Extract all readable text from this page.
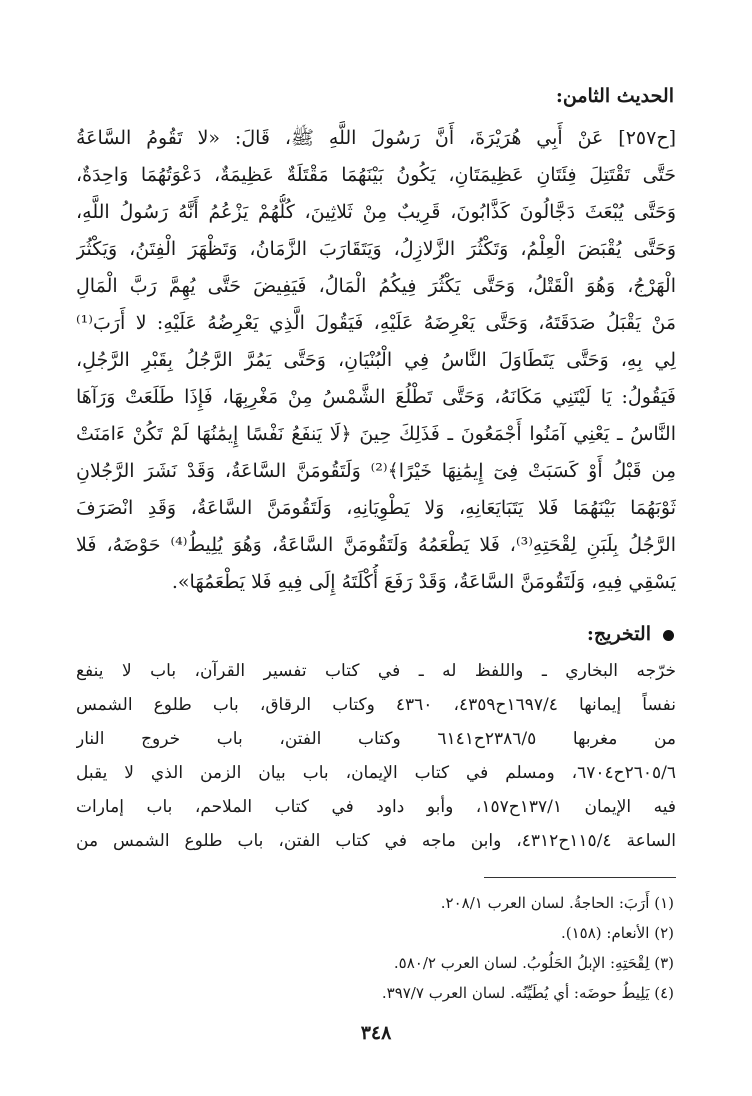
الحديث الثامن:
[ح٢٥٧] عَنْ أَبِي هُرَيْرَةَ، أَنَّ رَسُولَ اللَّهِ ﷺ، قَالَ: «لا تَقُومُ السَّاعَةُ
حَتَّى تَقْتَتِلَ فِئَتَانِ عَظِيمَتَانِ، يَكُونُ بَيْنَهُمَا مَقْتَلَةٌ عَظِيمَةٌ، دَعْوَتُهُمَا وَاحِدَةٌ،
وَحَتَّى يُبْعَثَ دَجَّالُونَ كَذَّابُونَ، قَرِيبٌ مِنْ ثَلاثِينَ، كُلُّهُمْ يَزْعُمُ أَنَّهُ رَسُولُ اللَّهِ،
وَحَتَّى يُقْبَضَ الْعِلْمُ، وَتَكْثُرَ الزَّلازِلُ، وَيَتَقَارَبَ الزَّمَانُ، وَتَظْهَرَ الْفِتَنُ، وَيَكْثُرَ
الْهَرْجُ، وَهُوَ الْقَتْلُ، وَحَتَّى يَكْثُرَ فِيكُمُ الْمَالُ، فَيَفِيضَ حَتَّى يُهِمَّ رَبَّ الْمَالِ
مَنْ يَقْبَلُ صَدَقَتَهُ، وَحَتَّى يَعْرِضَهُ عَلَيْهِ، فَيَقُولَ الَّذِي يَعْرِضُهُ عَلَيْهِ: لا أَرَبَ⁽¹⁾
لِي بِهِ، وَحَتَّى يَتَطَاوَلَ النَّاسُ فِي الْبُنْيَانِ، وَحَتَّى يَمُرَّ الرَّجُلُ بِقَبْرِ الرَّجُلِ،
فَيَقُولُ: يَا لَيْتَنِي مَكَانَهُ، وَحَتَّى تَطْلُعَ الشَّمْسُ مِنْ مَغْرِبِهَا، فَإِذَا طَلَعَتْ وَرَآهَا
النَّاسُ ـ يَعْنِي آمَنُوا أَجْمَعُونَ ـ فَذَلِكَ حِينَ ﴿لَا يَنفَعُ نَفْسًا إِيمَٰنُهَا لَمْ تَكُنْ ءَامَنَتْ
مِن قَبْلُ أَوْ كَسَبَتْ فِىٓ إِيمَٰنِهَا خَيْرًا﴾⁽²⁾ وَلَتَقُومَنَّ السَّاعَةُ، وَقَدْ نَشَرَ الرَّجُلانِ
ثَوْبَهُمَا بَيْنَهُمَا فَلا يَتَبَايَعَانِهِ، وَلا يَطْوِيَانِهِ، وَلَتَقُومَنَّ السَّاعَةُ، وَقَدِ انْصَرَفَ
الرَّجُلُ بِلَبَنِ لِقْحَتِهِ⁽³⁾، فَلا يَطْعَمُهُ وَلَتَقُومَنَّ السَّاعَةُ، وَهُوَ يُلِيطُ⁽⁴⁾ حَوْضَهُ، فَلا
يَسْقِي فِيهِ، وَلَتَقُومَنَّ السَّاعَةُ، وَقَدْ رَفَعَ أُكْلَتَهُ إِلَى فِيهِ فَلا يَطْعَمُهَا».
التخريج:
خرّجه البخاري ـ واللفظ له ـ في كتاب تفسير القرآن، باب لا ينفع
نفساً إيمانها ١٦٩٧/٤ح٤٣٥٩، ٤٣٦٠ وكتاب الرقاق، باب طلوع الشمس
من مغربها ٢٣٨٦/٥ح٦١٤١ وكتاب الفتن، باب خروج النار
٢٦٠٥/٦ح٦٧٠٤، ومسلم في كتاب الإيمان، باب بيان الزمن الذي لا يقبل
فيه الإيمان ١٣٧/١ح١٥٧، وأبو داود في كتاب الملاحم، باب إمارات
الساعة ١١٥/٤ح٤٣١٢، وابن ماجه في كتاب الفتن، باب طلوع الشمس من
(١) أَرَبَ: الحاجةُ. لسان العرب ٢٠٨/١.
(٢) الأنعام: (١٥٨).
(٣) لِقْحَتِهِ: الإبلُ الحَلُوبُ. لسان العرب ٥٨٠/٢.
(٤) يَلِيطُ حوضَه: أي يُطَيِّنُه. لسان العرب ٣٩٧/٧.
٣٤٨
